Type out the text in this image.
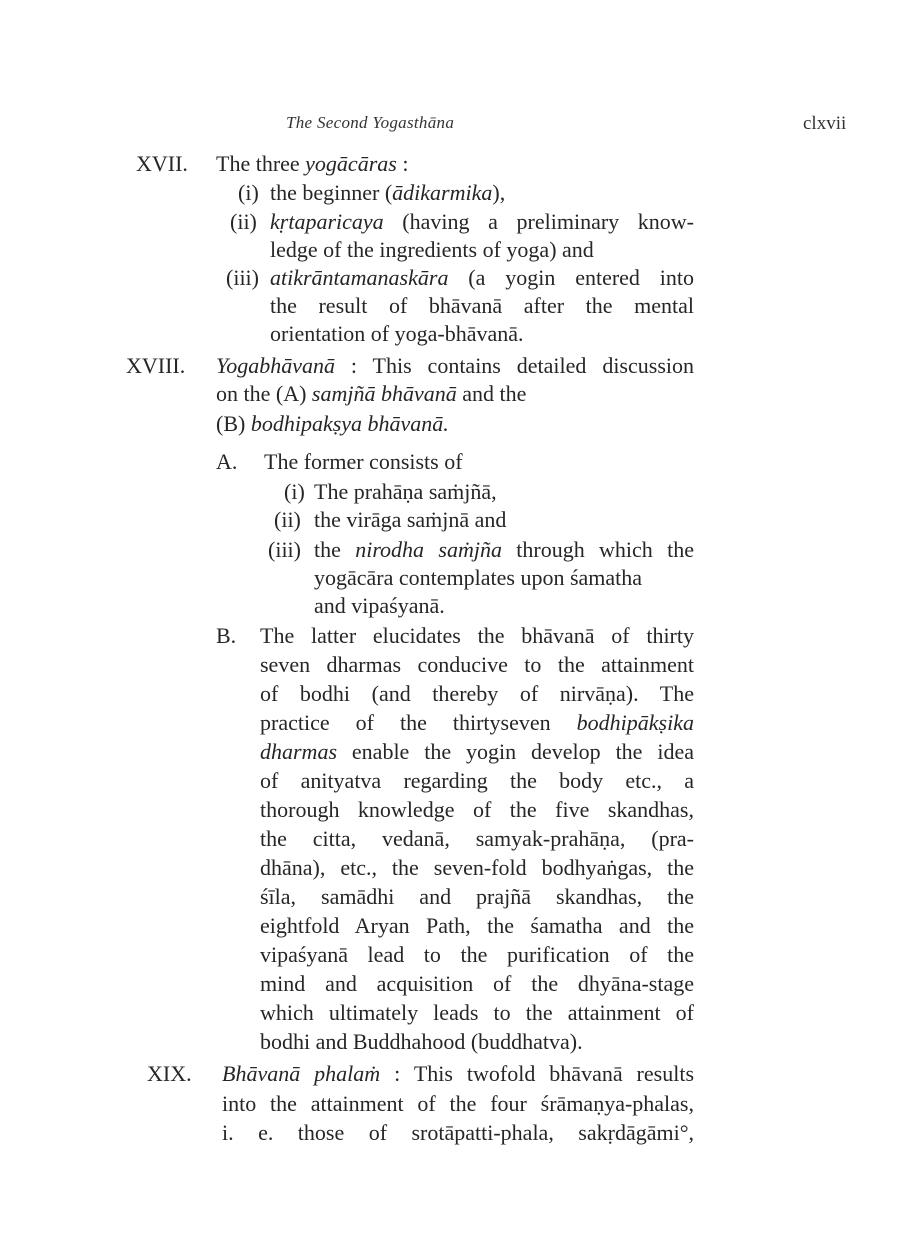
The Second Yogasthāna	clxvii
XVII. The three yogācāras :
(i) the beginner (ādikarmika),
(ii) kṛtaparicaya (having a preliminary know-
ledge of the ingredients of yoga) and
(iii) atikrāntamanaskāra (a yogin entered into
the result of bhāvanā after the mental
orientation of yoga-bhāvanā.
XVIII. Yogabhāvanā : This contains detailed discussion
on the (A) samjñā bhāvanā and the
(B) bodhipakṣya bhāvanā.
A. The former consists of
(i) The prahāṇa saṁjñā,
(ii) the virāga saṁjnā and
(iii) the nirodha saṁjña through which the
yogācāra contemplates upon śamatha
and vipaśyanā.
B. The latter elucidates the bhāvanā of thirty
seven dharmas conducive to the attainment
of bodhi (and thereby of nirvāṇa). The
practice of the thirtyseven bodhipākṣika
dharmas enable the yogin develop the idea
of anityatva regarding the body etc., a
thorough knowledge of the five skandhas,
the citta, vedanā, samyak-prahāṇa, (pra-
dhāna), etc., the seven-fold bodhyaṅgas, the
śīla, samādhi and prajñā skandhas, the
eightfold Aryan Path, the śamatha and the
vipaśyanā lead to the purification of the
mind and acquisition of the dhyāna-stage
which ultimately leads to the attainment of
bodhi and Buddhahood (buddhatva).
XIX. Bhāvanā phalaṁ : This twofold bhāvanā results
into the attainment of the four śrāmaṇya-phalas,
i. e. those of srotāpatti-phala, sakṛdāgāmi°,
